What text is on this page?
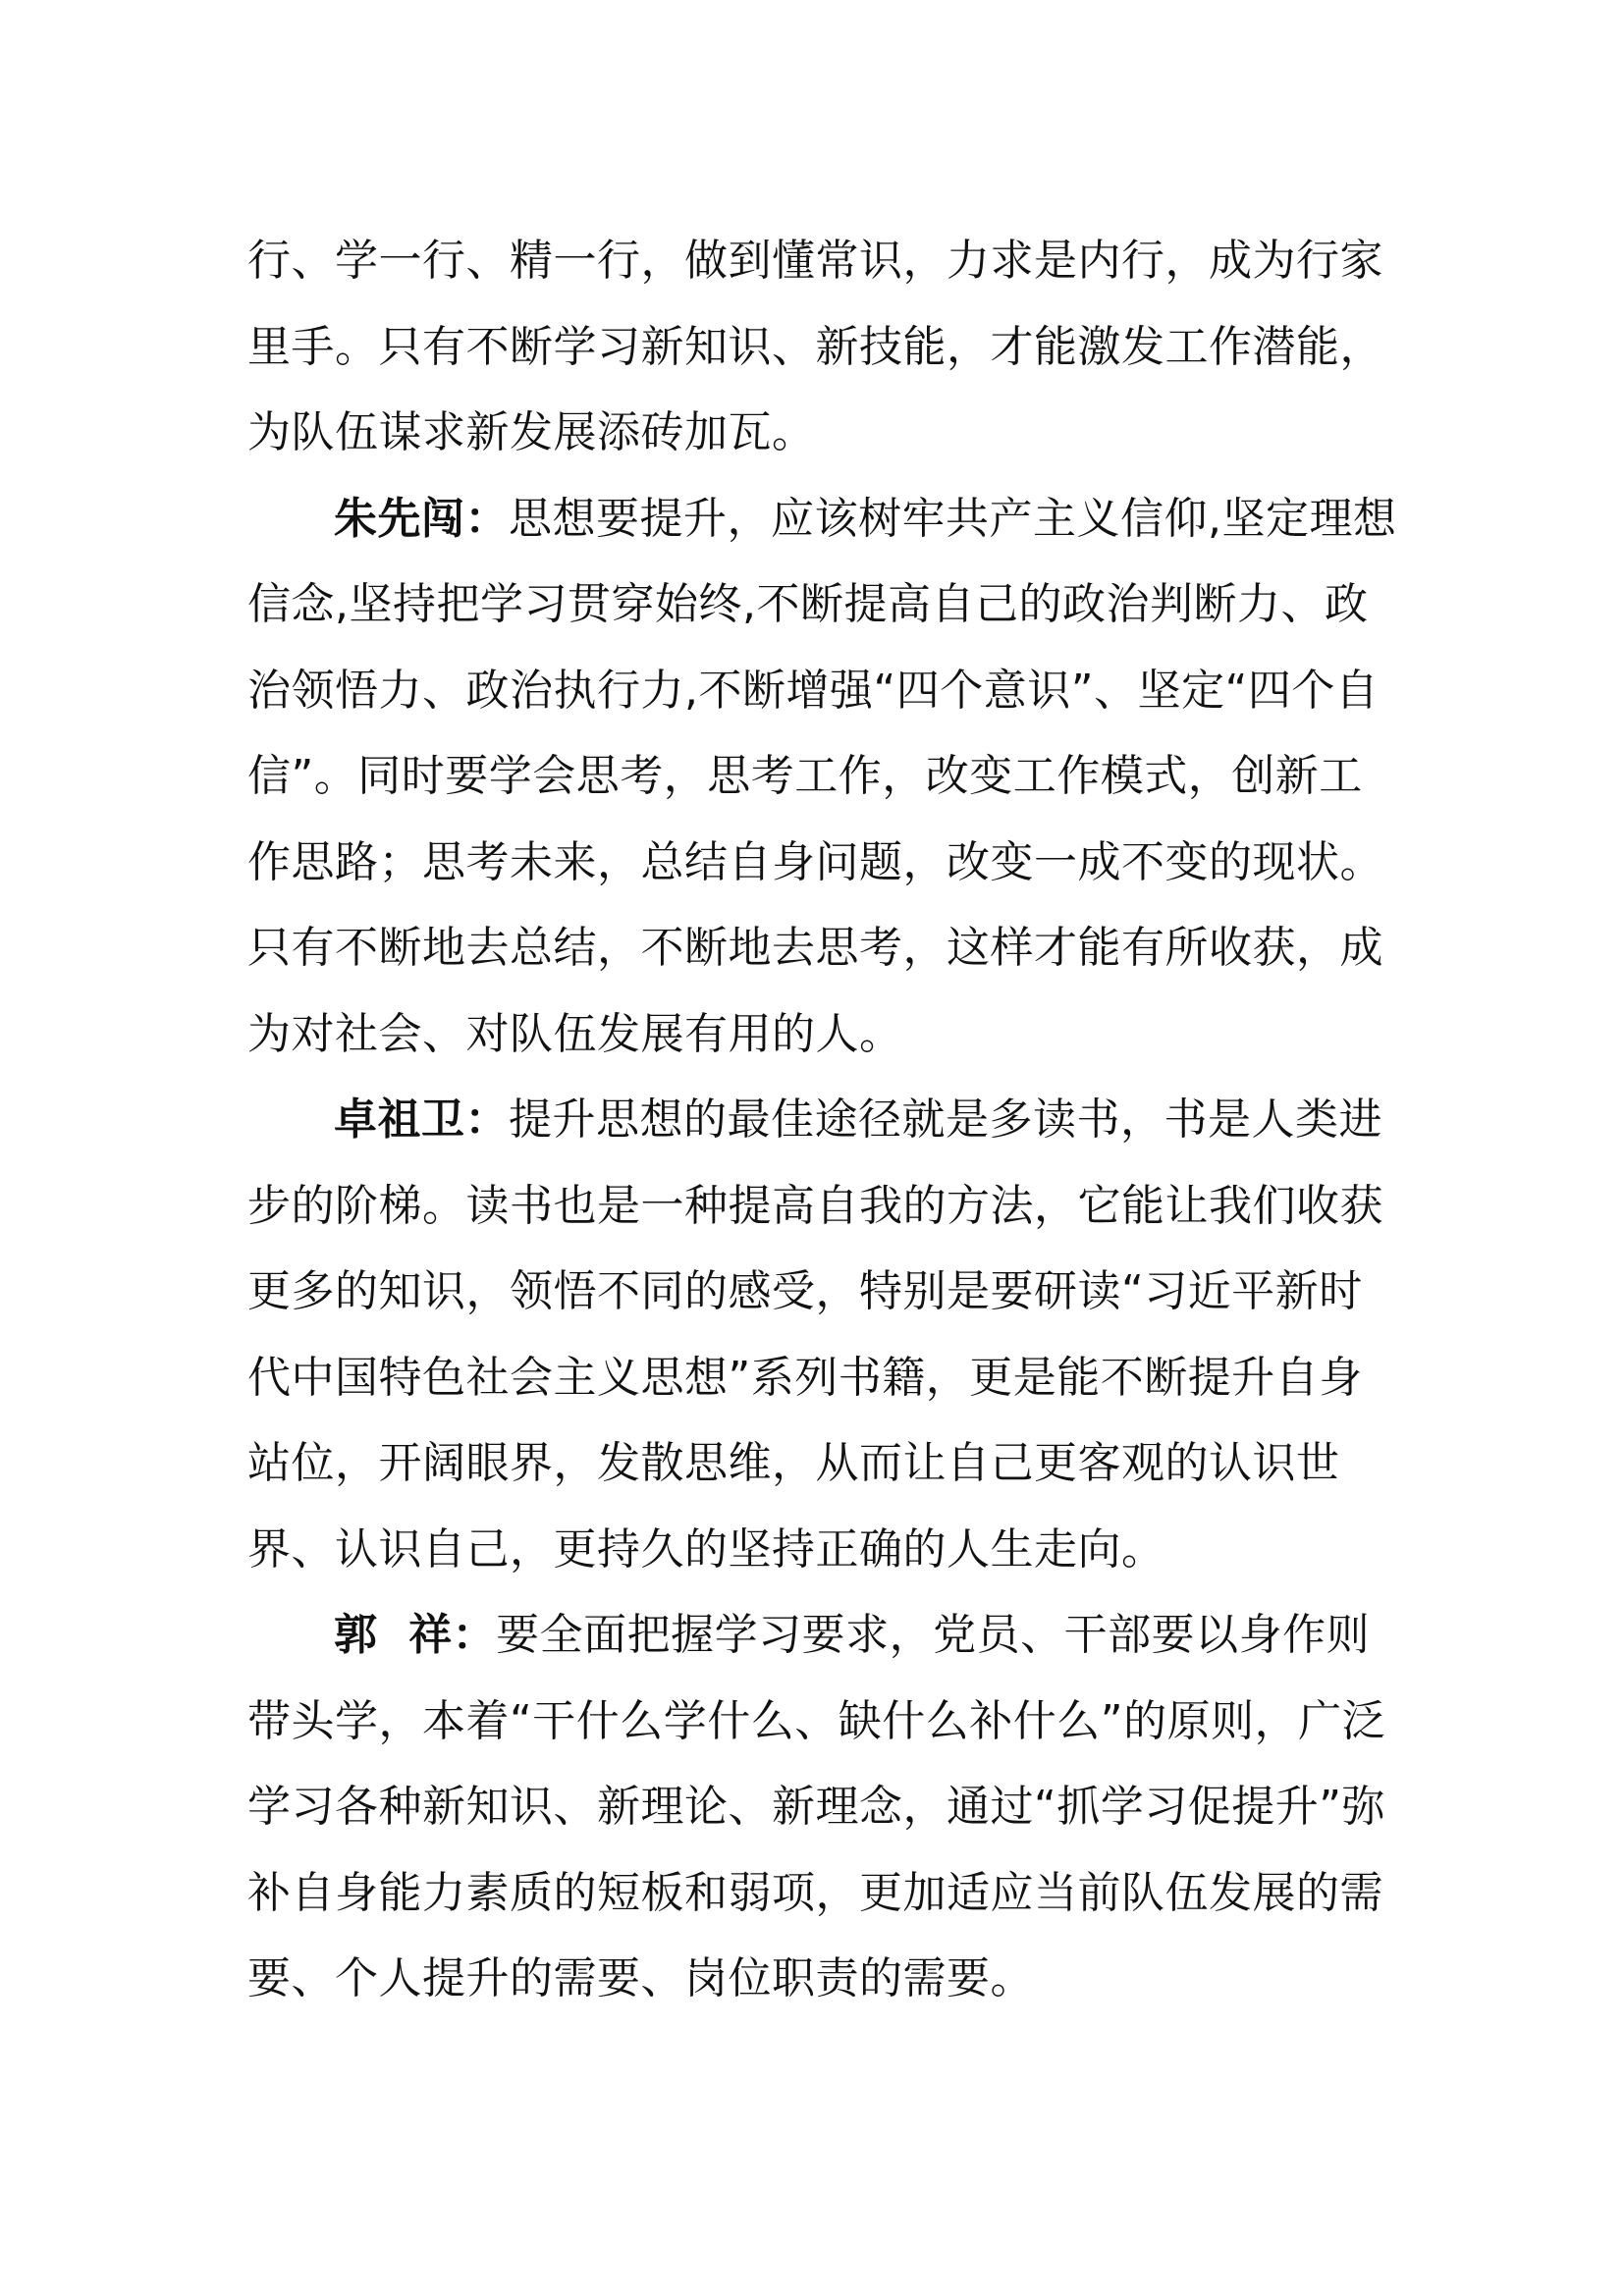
行、学一行、精一行，做到懂常识，力求是内行，成为行家里手。只有不断学习新知识、新技能，才能激发工作潜能，为队伍谋求新发展添砖加瓦。

朱先闯：思想要提升，应该树牢共产主义信仰,坚定理想信念,坚持把学习贯穿始终,不断提高自己的政治判断力、政治领悟力、政治执行力,不断增强“四个意识”、坚定“四个自信”。同时要学会思考，思考工作，改变工作模式，创新工作思路；思考未来，总结自身问题，改变一成不变的现状。只有不断地去总结，不断地去思考，这样才能有所收获，成为对社会、对队伍发展有用的人。

卓祖卫：提升思想的最佳途径就是多读书，书是人类进步的阶梯。读书也是一种提高自我的方法，它能让我们收获更多的知识，领悟不同的感受，特别是要研读“习近平新时代中国特色社会主义思想”系列书籍，更是能不断提升自身站位，开阔眼界，发散思维，从而让自己更客观的认识世界、认识自己，更持久的坚持正确的人生走向。

郭  祥：要全面把握学习要求，党员、干部要以身作则带头学，本着“干什么学什么、缺什么补什么”的原则，广泛学习各种新知识、新理论、新理念，通过“抓学习促提升”弥补自身能力素质的短板和弱项，更加适应当前队伍发展的需要、个人提升的需要、岗位职责的需要。
